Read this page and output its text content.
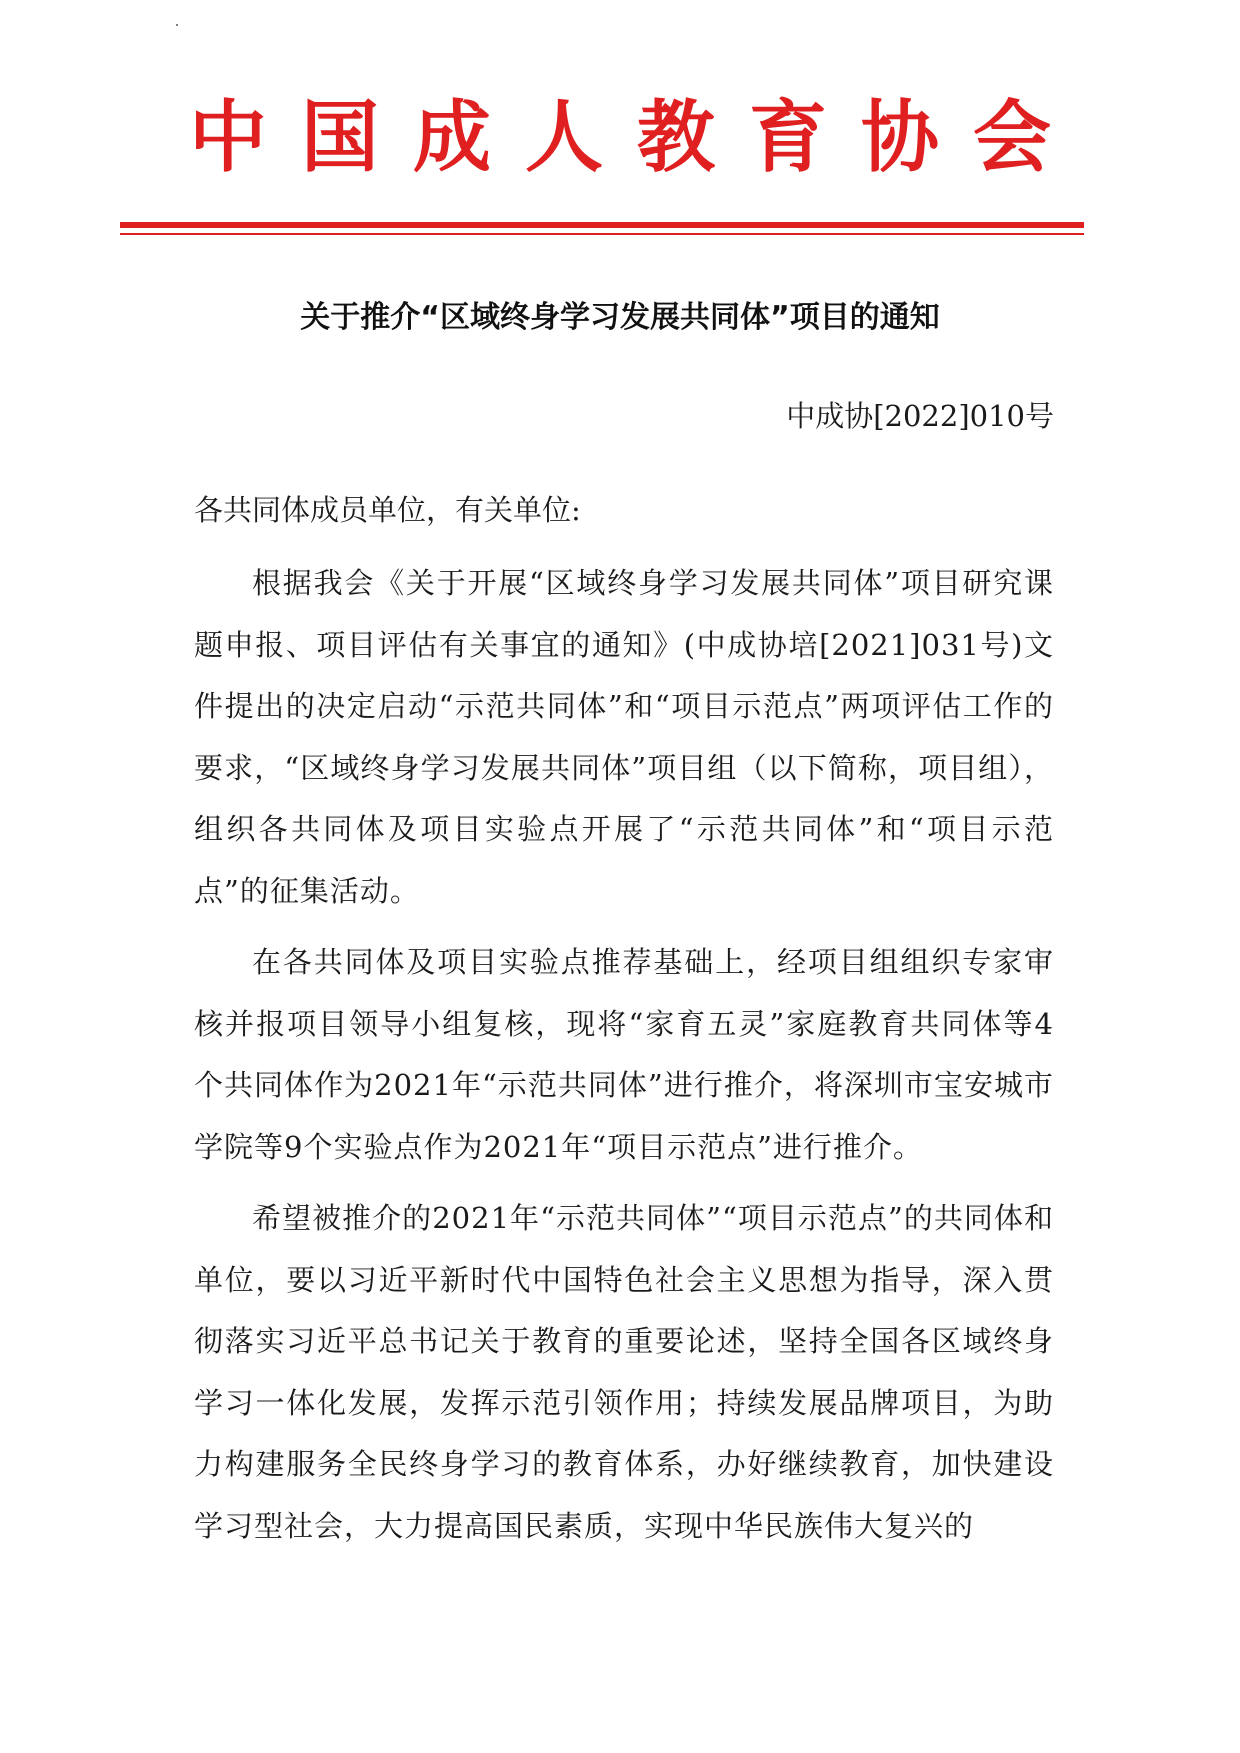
中国成人教育协会
关于推介“区域终身学习发展共同体”项目的通知
中成协[2022]010号
各共同体成员单位，有关单位:

根据我会《关于开展“区域终身学习发展共同体”项目研究课题申报、项目评估有关事宜的通知》(中成协培[2021]031号)文件提出的决定启动“示范共同体”和“项目示范点”两项评估工作的要求，“区域终身学习发展共同体”项目组（以下简称，项目组），组织各共同体及项目实验点开展了“示范共同体”和“项目示范点”的征集活动。

在各共同体及项目实验点推荐基础上，经项目组组织专家审核并报项目领导小组复核，现将“家育五灵”家庭教育共同体等4个共同体作为2021年“示范共同体”进行推介，将深圳市宝安城市学院等9个实验点作为2021年“项目示范点”进行推介。

希望被推介的2021年“示范共同体”“项目示范点”的共同体和单位，要以习近平新时代中国特色社会主义思想为指导，深入贯彻落实习近平总书记关于教育的重要论述，坚持全国各区域终身学习一体化发展，发挥示范引领作用；持续发展品牌项目，为助力构建服务全民终身学习的教育体系，办好继续教育，加快建设学习型社会，大力提高国民素质，实现中华民族伟大复兴的
